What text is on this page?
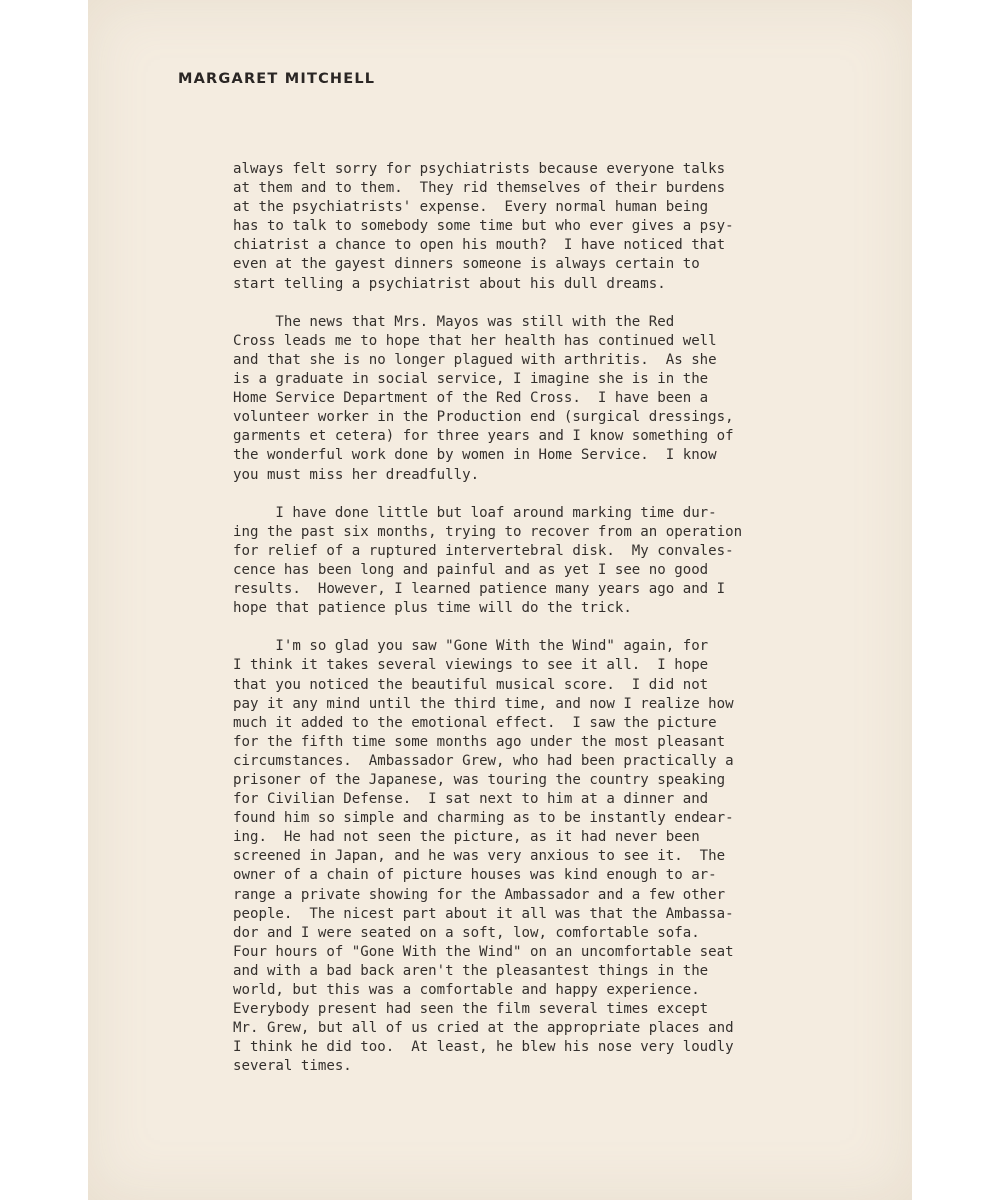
MARGARET MITCHELL
always felt sorry for psychiatrists because everyone talks
at them and to them.  They rid themselves of their burdens
at the psychiatrists' expense.  Every normal human being
has to talk to somebody some time but who ever gives a psy-
chiatrist a chance to open his mouth?  I have noticed that
even at the gayest dinners someone is always certain to
start telling a psychiatrist about his dull dreams.
The news that Mrs. Mayos was still with the Red
Cross leads me to hope that her health has continued well
and that she is no longer plagued with arthritis.  As she
is a graduate in social service, I imagine she is in the
Home Service Department of the Red Cross.  I have been a
volunteer worker in the Production end (surgical dressings,
garments et cetera) for three years and I know something of
the wonderful work done by women in Home Service.  I know
you must miss her dreadfully.
I have done little but loaf around marking time dur-
ing the past six months, trying to recover from an operation
for relief of a ruptured intervertebral disk.  My convales-
cence has been long and painful and as yet I see no good
results.  However, I learned patience many years ago and I
hope that patience plus time will do the trick.
I'm so glad you saw "Gone With the Wind" again, for
I think it takes several viewings to see it all.  I hope
that you noticed the beautiful musical score.  I did not
pay it any mind until the third time, and now I realize how
much it added to the emotional effect.  I saw the picture
for the fifth time some months ago under the most pleasant
circumstances.  Ambassador Grew, who had been practically a
prisoner of the Japanese, was touring the country speaking
for Civilian Defense.  I sat next to him at a dinner and
found him so simple and charming as to be instantly endear-
ing.  He had not seen the picture, as it had never been
screened in Japan, and he was very anxious to see it.  The
owner of a chain of picture houses was kind enough to ar-
range a private showing for the Ambassador and a few other
people.  The nicest part about it all was that the Ambassa-
dor and I were seated on a soft, low, comfortable sofa.
Four hours of "Gone With the Wind" on an uncomfortable seat
and with a bad back aren't the pleasantest things in the
world, but this was a comfortable and happy experience.
Everybody present had seen the film several times except
Mr. Grew, but all of us cried at the appropriate places and
I think he did too.  At least, he blew his nose very loudly
several times.
